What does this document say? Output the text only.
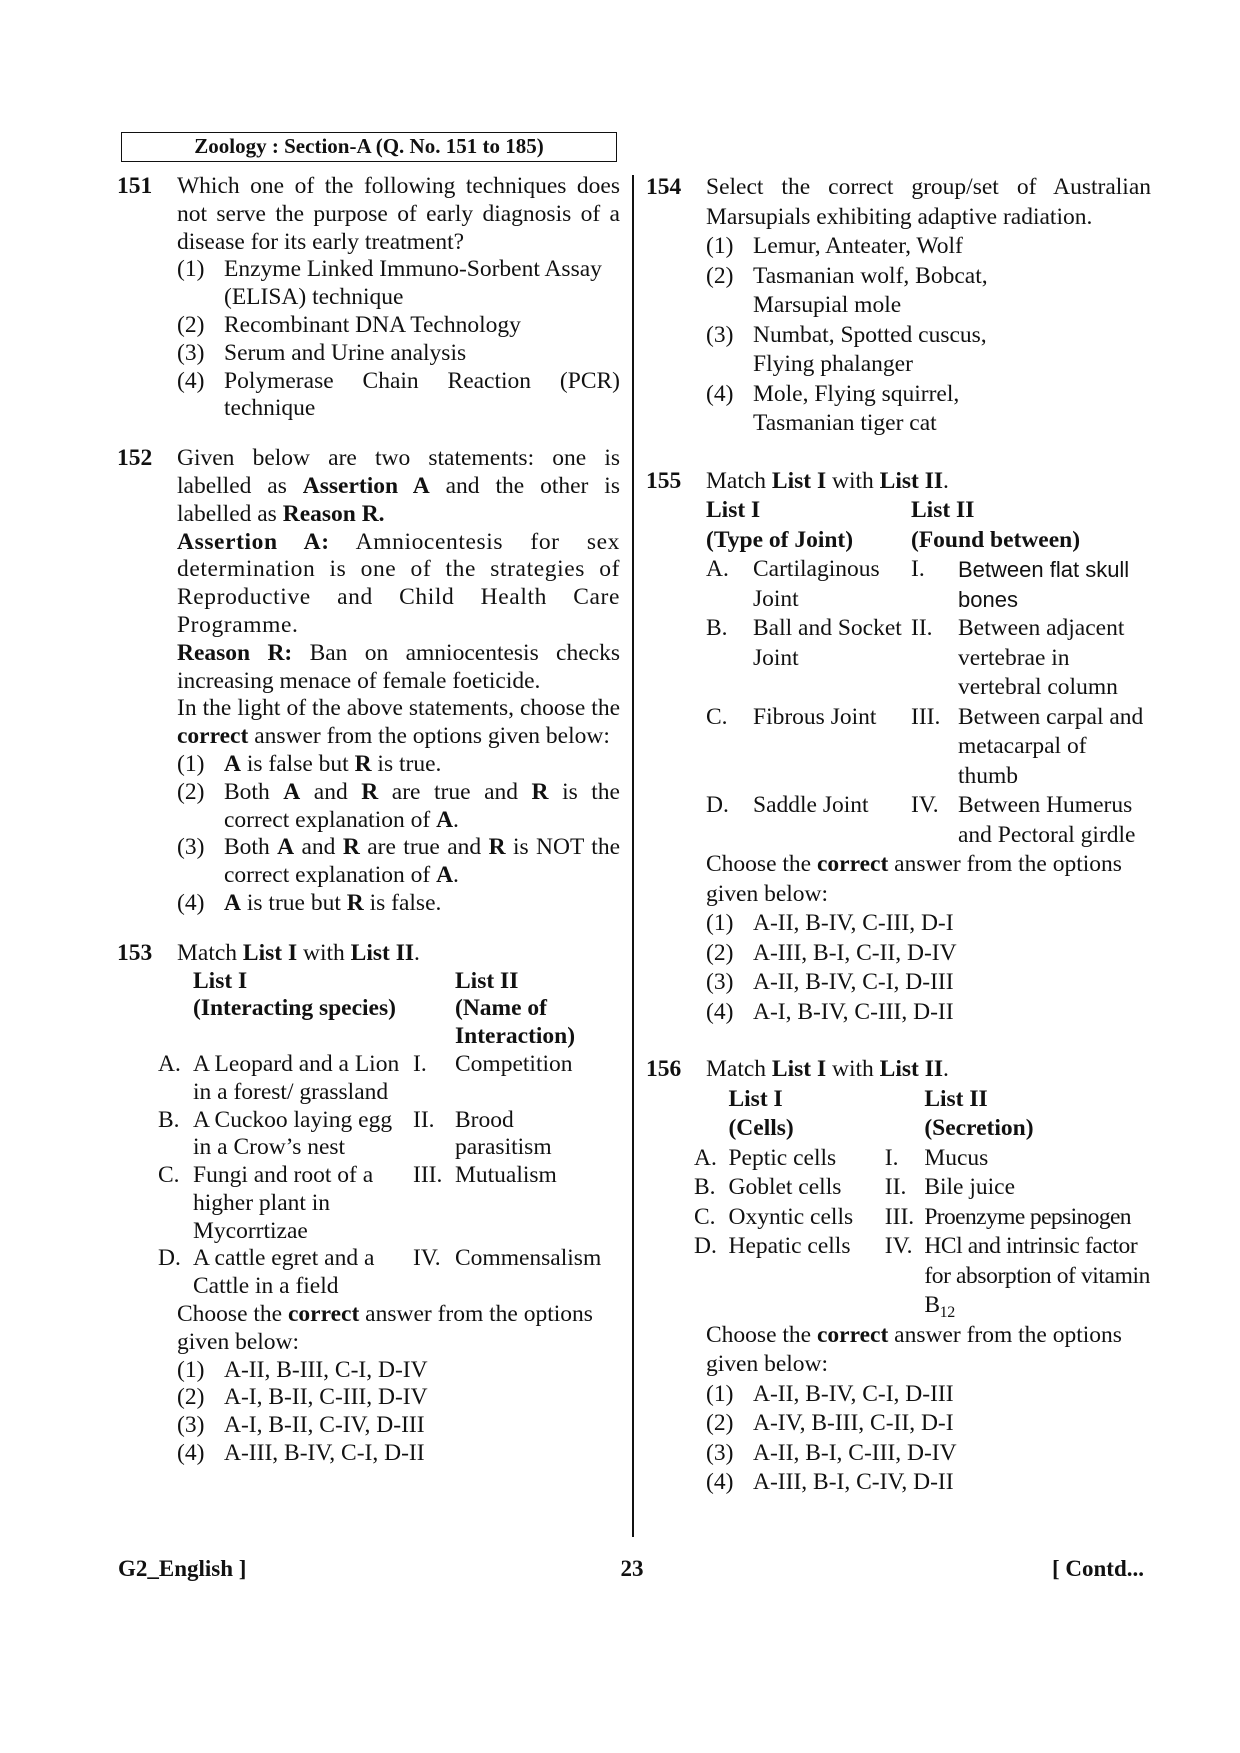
Zoology : Section-A (Q. No. 151 to 185)
151 Which one of the following techniques does not serve the purpose of early diagnosis of a disease for its early treatment?
(1) Enzyme Linked Immuno-Sorbent Assay (ELISA) technique
(2) Recombinant DNA Technology
(3) Serum and Urine analysis
(4) Polymerase Chain Reaction (PCR) technique
152 Given below are two statements: one is labelled as Assertion A and the other is labelled as Reason R.
Assertion A: Amniocentesis for sex determination is one of the strategies of Reproductive and Child Health Care Programme.
Reason R: Ban on amniocentesis checks increasing menace of female foeticide.
In the light of the above statements, choose the correct answer from the options given below:
(1) A is false but R is true.
(2) Both A and R are true and R is the correct explanation of A.
(3) Both A and R are true and R is NOT the correct explanation of A.
(4) A is true but R is false.
153 Match List I with List II.
	List I
(Interacting species)		List II
(Name of Interaction)
A.	A Leopard and a Lion in a forest/ grassland	I.	Competition
B.	A Cuckoo laying egg in a Crow’s nest	II.	Brood parasitism
C.	Fungi and root of a higher plant in Mycorrtizae	III.	Mutualism
D.	A cattle egret and a Cattle in a field	IV.	Commensalism
Choose the correct answer from the options given below:
(1) A-II, B-III, C-I, D-IV
(2) A-I, B-II, C-III, D-IV
(3) A-I, B-II, C-IV, D-III
(4) A-III, B-IV, C-I, D-II
154 Select the correct group/set of Australian Marsupials exhibiting adaptive radiation.
(1) Lemur, Anteater, Wolf
(2) Tasmanian wolf, Bobcat, Marsupial mole
(3) Numbat, Spotted cuscus, Flying phalanger
(4) Mole, Flying squirrel, Tasmanian tiger cat
155 Match List I with List II.
List I
(Type of Joint)		List II
(Found between)	
A.	Cartilaginous Joint	I.	Between flat skull bones
B.	Ball and Socket Joint	II.	Between adjacent vertebrae in vertebral column
C.	Fibrous Joint	III.	Between carpal and metacarpal of thumb
D.	Saddle Joint	IV.	Between Humerus and Pectoral girdle
Choose the correct answer from the options given below:
(1) A-II, B-IV, C-III, D-I
(2) A-III, B-I, C-II, D-IV
(3) A-II, B-IV, C-I, D-III
(4) A-I, B-IV, C-III, D-II
156 Match List I with List II.
	List I
(Cells)		List II
(Secretion)
A.	Peptic cells	I.	Mucus
B.	Goblet cells	II.	Bile juice
C.	Oxyntic cells	III.	Proenzyme pepsinogen
D.	Hepatic cells	IV.	HCl and intrinsic factor for absorption of vitamin $B_{12}$
Choose the correct answer from the options given below:
(1) A-II, B-IV, C-I, D-III
(2) A-IV, B-III, C-II, D-I
(3) A-II, B-I, C-III, D-IV
(4) A-III, B-I, C-IV, D-II
G2_English ]	23	[ Contd...
